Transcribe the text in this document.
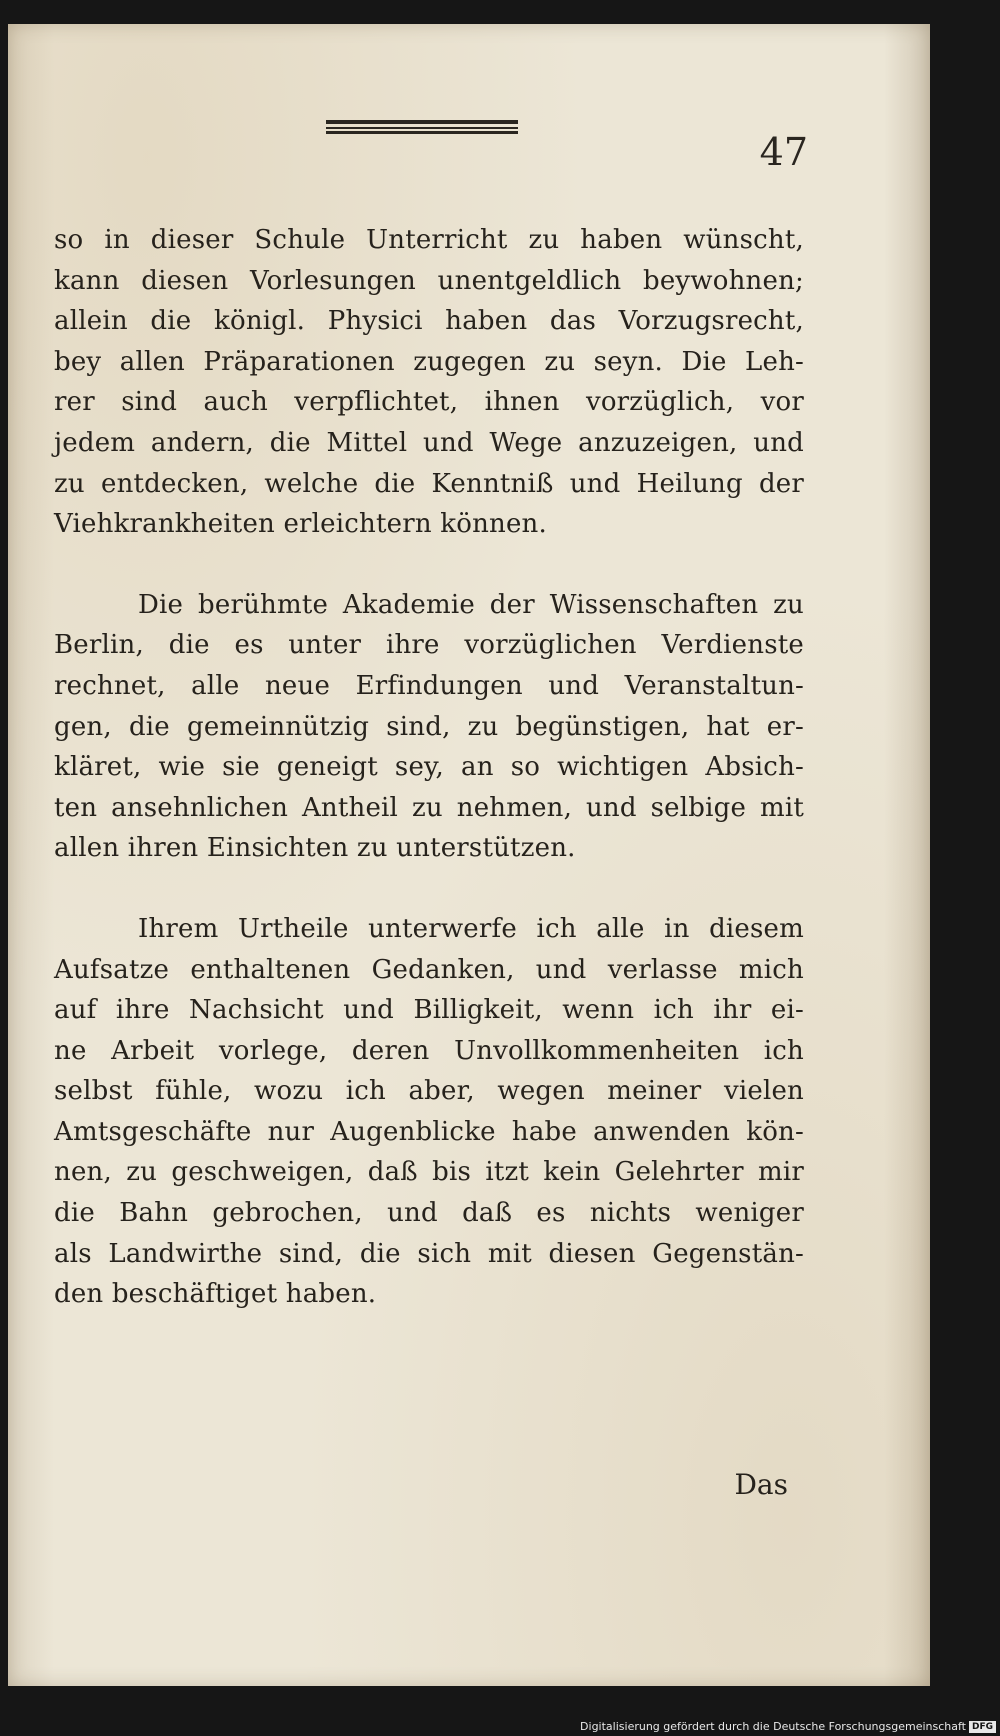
47

so in dieser Schule Unterricht zu haben wünscht,
kann diesen Vorlesungen unentgeldlich beywohnen;
allein die königl. Physici haben das Vorzugsrecht,
bey allen Präparationen zugegen zu seyn. Die Leh-
rer sind auch verpflichtet, ihnen vorzüglich, vor
jedem andern, die Mittel und Wege anzuzeigen, und
zu entdecken, welche die Kenntniß und Heilung der
Viehkrankheiten erleichtern können.

Die berühmte Akademie der Wissenschaften zu
Berlin, die es unter ihre vorzüglichen Verdienste
rechnet, alle neue Erfindungen und Veranstaltun-
gen, die gemeinnützig sind, zu begünstigen, hat er-
kläret, wie sie geneigt sey, an so wichtigen Absich-
ten ansehnlichen Antheil zu nehmen, und selbige mit
allen ihren Einsichten zu unterstützen.

Ihrem Urtheile unterwerfe ich alle in diesem
Aufsatze enthaltenen Gedanken, und verlasse mich
auf ihre Nachsicht und Billigkeit, wenn ich ihr ei-
ne Arbeit vorlege, deren Unvollkommenheiten ich
selbst fühle, wozu ich aber, wegen meiner vielen
Amtsgeschäfte nur Augenblicke habe anwenden kön-
nen, zu geschweigen, daß bis itzt kein Gelehrter mir
die Bahn gebrochen, und daß es nichts weniger
als Landwirthe sind, die sich mit diesen Gegenstän-
den beschäftiget haben.

Das
Digitalisierung gefördert durch die Deutsche Forschungsgemeinschaft DFG
